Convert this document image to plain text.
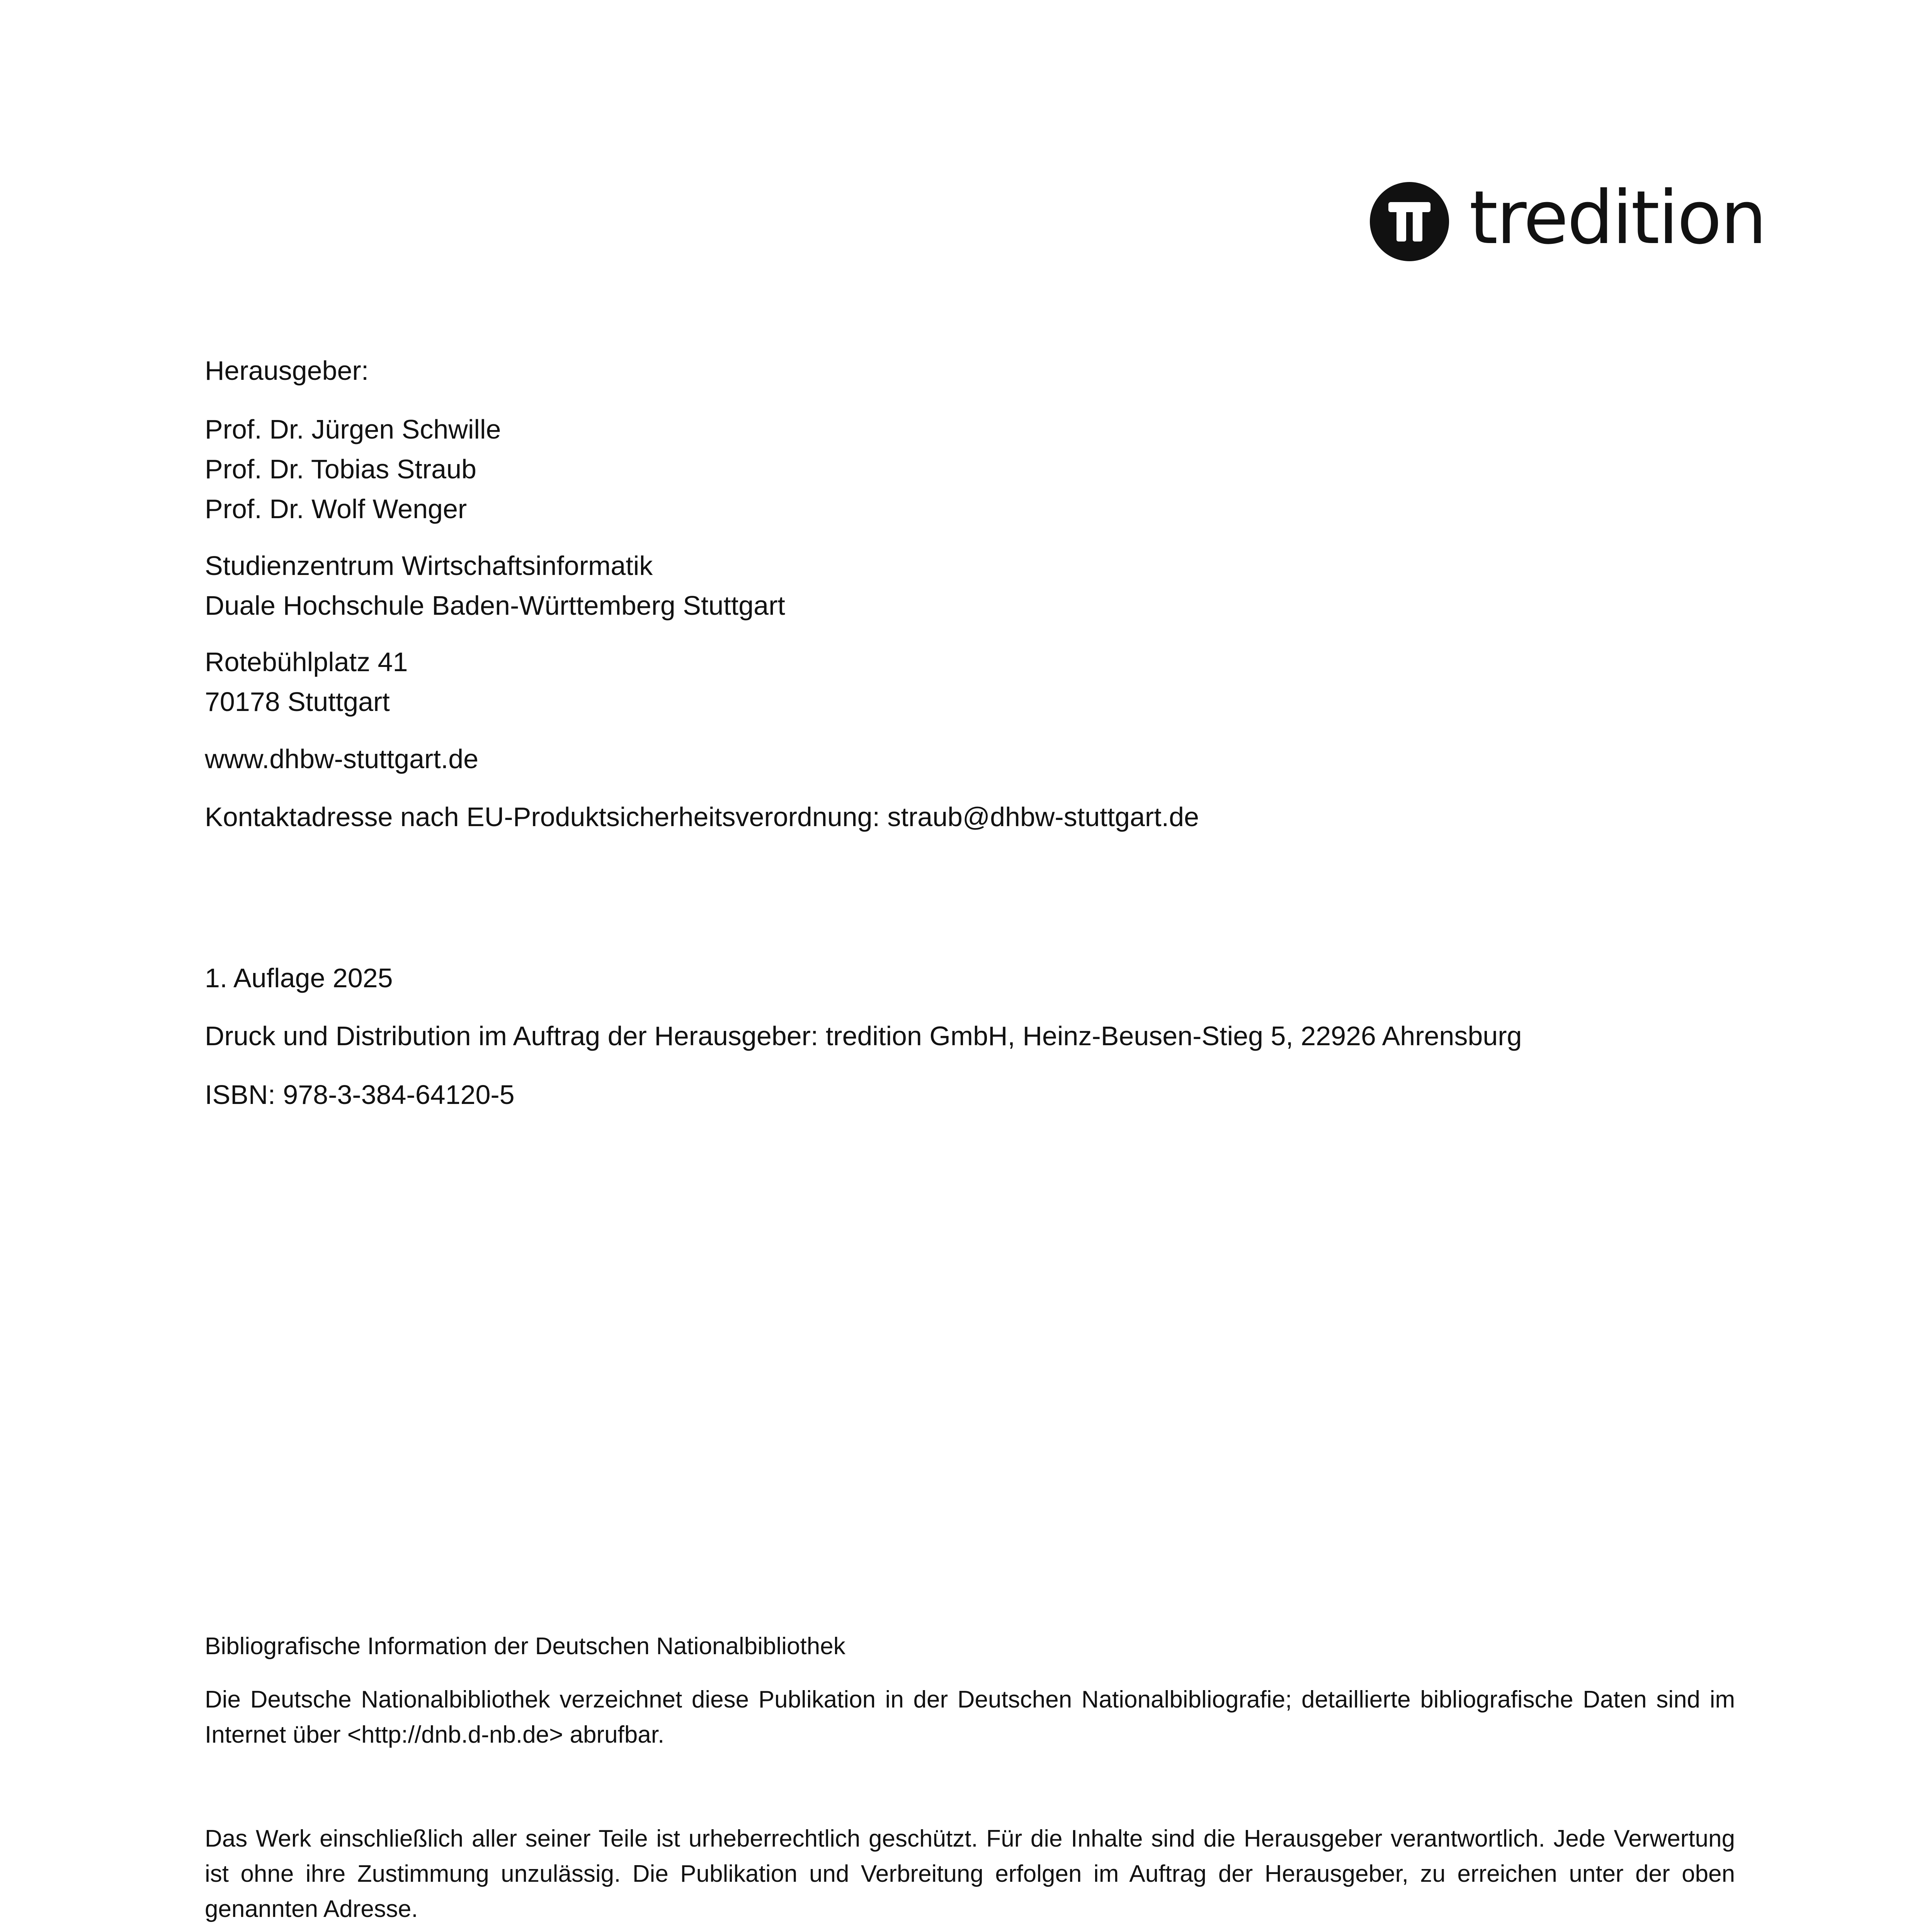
tredition

Herausgeber:

Prof. Dr. Jürgen Schwille

Prof. Dr. Tobias Straub

Prof. Dr. Wolf Wenger

Studienzentrum Wirtschaftsinformatik

Duale Hochschule Baden-Württemberg Stuttgart

Rotebühlplatz 41

70178 Stuttgart

www.dhbw-stuttgart.de

Kontaktadresse nach EU-Produktsicherheitsverordnung: straub@dhbw-stuttgart.de

1. Auflage 2025

Druck und Distribution im Auftrag der Herausgeber: tredition GmbH, Heinz-Beusen-Stieg 5, 22926 Ahrensburg

ISBN: 978-3-384-64120-5

Bibliografische Information der Deutschen Nationalbibliothek

Die Deutsche Nationalbibliothek verzeichnet diese Publikation in der Deutschen Nationalbibliografie; detaillierte bibliografische Daten sind im Internet über <http://dnb.d-nb.de> abrufbar.

Das Werk einschließlich aller seiner Teile ist urheberrechtlich geschützt. Für die Inhalte sind die Herausgeber verantwortlich. Jede Verwertung ist ohne ihre Zustimmung unzulässig. Die Publikation und Verbreitung erfolgen im Auftrag der Herausgeber, zu erreichen unter der oben genannten Adresse.
